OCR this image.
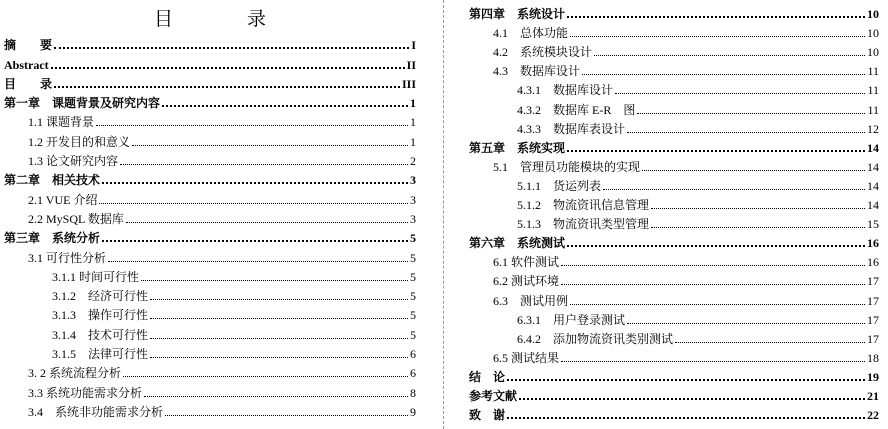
目 录
摘　　要	I
Abstract	II
目　　录	III
第一章　课题背景及研究内容	1
1.1 课题背景	1
1.2 开发目的和意义	1
1.3 论文研究内容	2
第二章　相关技术	3
2.1 VUE 介绍	3
2.2 MySQL 数据库	3
第三章　系统分析	5
3.1 可行性分析	5
3.1.1 时间可行性	5
3.1.2　经济可行性	5
3.1.3　操作可行性	5
3.1.4　技术可行性	5
3.1.5　法律可行性	6
3. 2 系统流程分析	6
3.3 系统功能需求分析	8
3.4　系统非功能需求分析	9
第四章　系统设计	10
4.1　总体功能	10
4.2　系统模块设计	10
4.3　数据库设计	11
4.3.1　数据库设计	11
4.3.2　数据库 E-R　图	11
4.3.3　数据库表设计	12
第五章　系统实现	14
5.1　管理员功能模块的实现	14
5.1.1　货运列表	14
5.1.2　物流资讯信息管理	14
5.1.3　物流资讯类型管理	15
第六章　系统测试	16
6.1 软件测试	16
6.2 测试环境	17
6.3　测试用例	17
6.3.1　用户登录测试	17
6.4.2　添加物流资讯类别测试	17
6.5 测试结果	18
结　论	19
参考文献	21
致　谢	22
